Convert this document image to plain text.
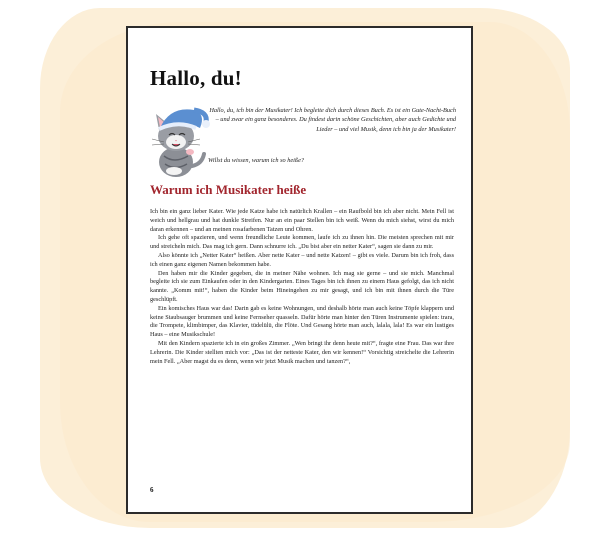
Hallo, du!

Hallo, du, ich bin der Musikater! Ich begleite dich durch dieses Buch. Es ist ein Gute-Nacht-Buch – und zwar ein ganz besonderes. Du findest darin schöne Geschichten, aber auch Gedichte und Lieder – und viel Musik, denn ich bin ja der Musikater!

Willst du wissen, warum ich so heiße?

Warum ich Musikater heiße

Ich bin ein ganz lieber Kater. Wie jede Katze habe ich natürlich Krallen – ein Raufbold bin ich aber nicht. Mein Fell ist weich und hellgrau und hat dunkle Streifen. Nur an ein paar Stellen bin ich weiß. Wenn du mich siehst, wirst du mich daran erkennen – und an meinen rosafarbenen Tatzen und Ohren.

Ich gehe oft spazieren, und wenn freundliche Leute kommen, laufe ich zu ihnen hin. Die meisten sprechen mit mir und streicheln mich. Das mag ich gern. Dann schnurre ich. „Du bist aber ein netter Kater“, sagen sie dann zu mir.

Also könnte ich „Netter Kater“ heißen. Aber nette Kater – und nette Katzen! – gibt es viele. Darum bin ich froh, dass ich einen ganz eigenen Namen bekommen habe.

Den haben mir die Kinder gegeben, die in meiner Nähe wohnen. Ich mag sie gerne – und sie mich. Manchmal begleite ich sie zum Einkaufen oder in den Kindergarten. Eines Tages bin ich ihnen zu einem Haus gefolgt, das ich nicht kannte. „Komm mit!“, haben die Kinder beim Hineingehen zu mir gesagt, und ich bin mit ihnen durch die Türe geschlüpft.

Ein komisches Haus war das! Darin gab es keine Wohnungen, und deshalb hörte man auch keine Töpfe klappern und keine Staubsauger brummen und keine Fernseher quasseln. Dafür hörte man hinter den Türen Instrumente spielen: trara, die Trompete, klimbimper, das Klavier, tüdelülü, die Flöte. Und Gesang hörte man auch, lalala, lala! Es war ein lustiges Haus – eine Musikschule!

Mit den Kindern spazierte ich in ein großes Zimmer. „Wen bringt ihr denn heute mit?“, fragte eine Frau. Das war ihre Lehrerin. Die Kinder stellten mich vor: „Das ist der netteste Kater, den wir kennen!“ Vorsichtig streichelte die Lehrerin mein Fell. „Aber magst du es denn, wenn wir jetzt Musik machen und tanzen?“,

6
